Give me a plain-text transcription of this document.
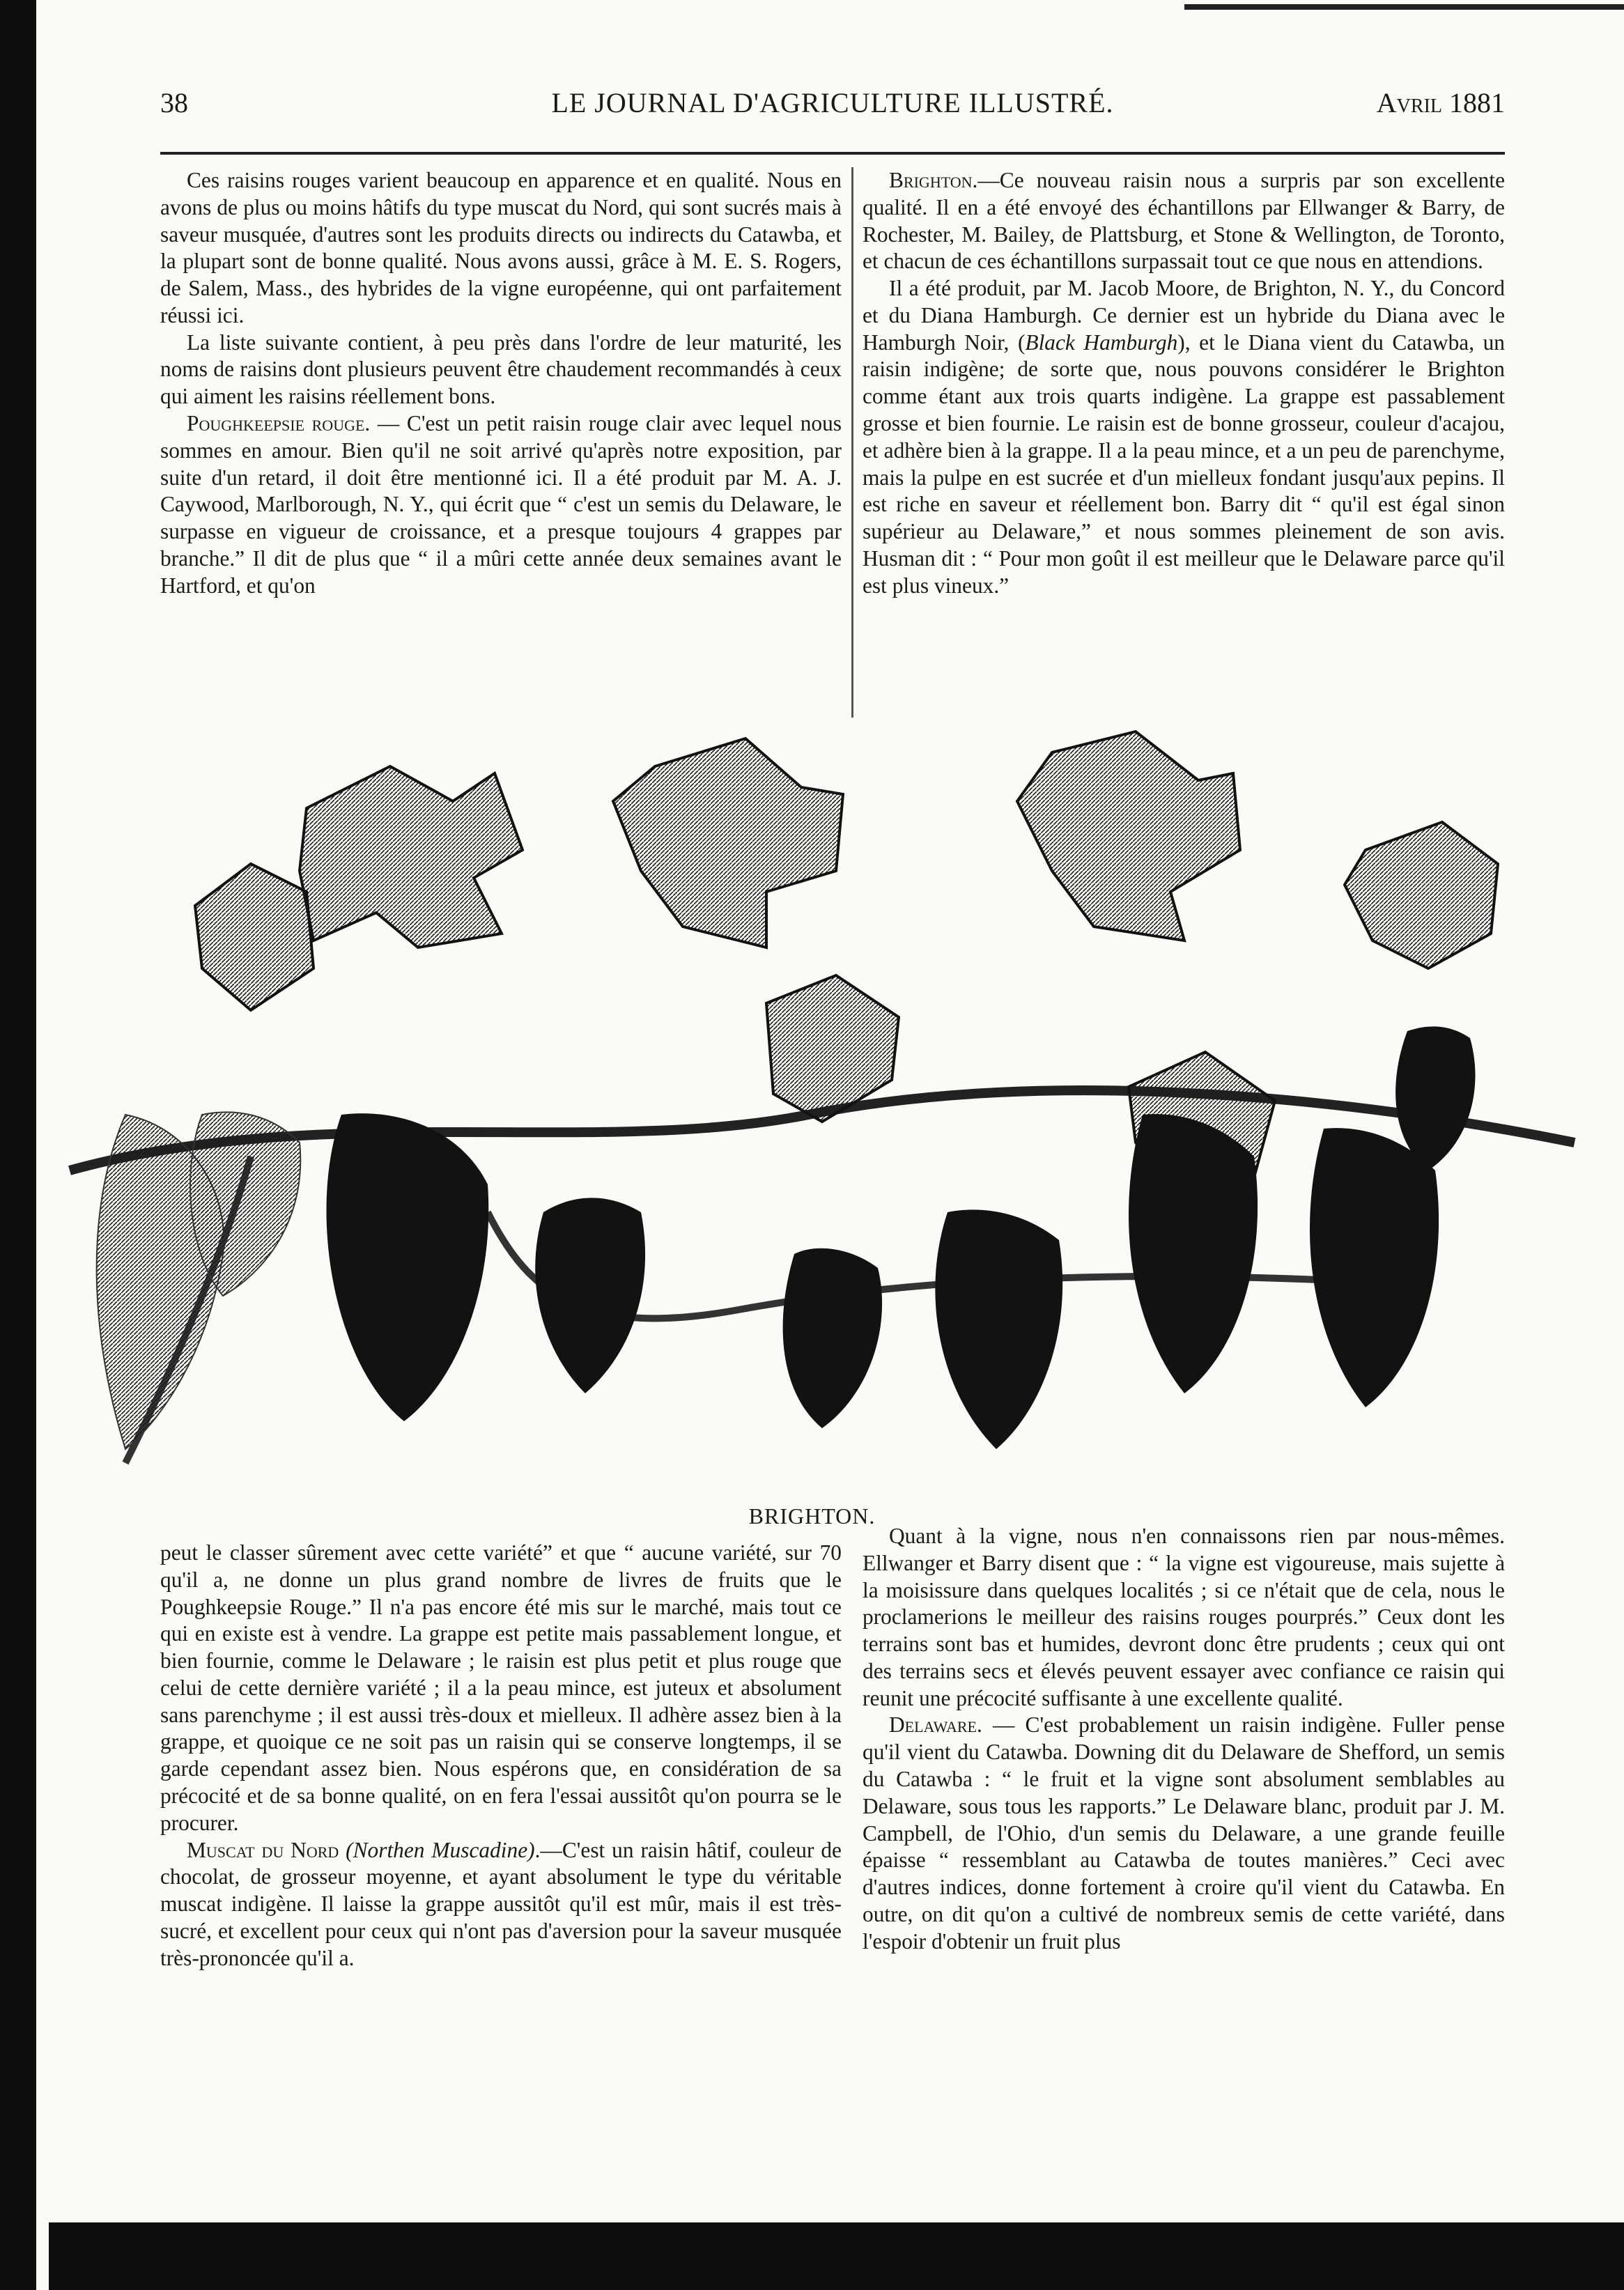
38	LE JOURNAL D'AGRICULTURE ILLUSTRÉ.	Avril 1881

Ces raisins rouges varient beaucoup en apparence et en qualité. Nous en avons de plus ou moins hâtifs du type muscat du Nord, qui sont sucrés mais à saveur musquée, d'autres sont les produits directs ou indirects du Catawba, et la plupart sont de bonne qualité. Nous avons aussi, grâce à M. E. S. Rogers, de Salem, Mass., des hybrides de la vigne européenne, qui ont parfaitement réussi ici.

La liste suivante contient, à peu près dans l'ordre de leur maturité, les noms de raisins dont plusieurs peuvent être chaudement recommandés à ceux qui aiment les raisins réellement bons.

Poughkeepsie rouge. — C'est un petit raisin rouge clair avec lequel nous sommes en amour. Bien qu'il ne soit arrivé qu'après notre exposition, par suite d'un retard, il doit être mentionné ici. Il a été produit par M. A. J. Caywood, Marlborough, N. Y., qui écrit que “ c'est un semis du Delaware, le surpasse en vigueur de croissance, et a presque toujours 4 grappes par branche.” Il dit de plus que “ il a mûri cette année deux semaines avant le Hartford, et qu'on

Brighton.—Ce nouveau raisin nous a surpris par son excellente qualité. Il en a été envoyé des échantillons par Ellwanger & Barry, de Rochester, M. Bailey, de Plattsburg, et Stone & Wellington, de Toronto, et chacun de ces échantillons surpassait tout ce que nous en attendions.

Il a été produit, par M. Jacob Moore, de Brighton, N. Y., du Concord et du Diana Hamburgh. Ce dernier est un hybride du Diana avec le Hamburgh Noir, (Black Hamburgh), et le Diana vient du Catawba, un raisin indigène; de sorte que, nous pouvons considérer le Brighton comme étant aux trois quarts indigène. La grappe est passablement grosse et bien fournie. Le raisin est de bonne grosseur, couleur d'acajou, et adhère bien à la grappe. Il a la peau mince, et a un peu de parenchyme, mais la pulpe en est sucrée et d'un mielleux fondant jusqu'aux pepins. Il est riche en saveur et réellement bon. Barry dit “ qu'il est égal sinon supérieur au Delaware,” et nous sommes pleinement de son avis. Husman dit : “ Pour mon goût il est meilleur que le Delaware parce qu'il est plus vineux.”

BRIGHTON.

peut le classer sûrement avec cette variété” et que “ aucune variété, sur 70 qu'il a, ne donne un plus grand nombre de livres de fruits que le Poughkeepsie Rouge.” Il n'a pas encore été mis sur le marché, mais tout ce qui en existe est à vendre. La grappe est petite mais passablement longue, et bien fournie, comme le Delaware ; le raisin est plus petit et plus rouge que celui de cette dernière variété ; il a la peau mince, est juteux et absolument sans parenchyme ; il est aussi très-doux et mielleux. Il adhère assez bien à la grappe, et quoique ce ne soit pas un raisin qui se conserve longtemps, il se garde cependant assez bien. Nous espérons que, en considération de sa précocité et de sa bonne qualité, on en fera l'essai aussitôt qu'on pourra se le procurer.

Muscat du Nord (Northen Muscadine).—C'est un raisin hâtif, couleur de chocolat, de grosseur moyenne, et ayant absolument le type du véritable muscat indigène. Il laisse la grappe aussitôt qu'il est mûr, mais il est très-sucré, et excellent pour ceux qui n'ont pas d'aversion pour la saveur musquée très-prononcée qu'il a.

Quant à la vigne, nous n'en connaissons rien par nous-mêmes. Ellwanger et Barry disent que : “ la vigne est vigoureuse, mais sujette à la moisissure dans quelques localités ; si ce n'était que de cela, nous le proclamerions le meilleur des raisins rouges pourprés.” Ceux dont les terrains sont bas et humides, devront donc être prudents ; ceux qui ont des terrains secs et élevés peuvent essayer avec confiance ce raisin qui reunit une précocité suffisante à une excellente qualité.

Delaware. — C'est probablement un raisin indigène. Fuller pense qu'il vient du Catawba. Downing dit du Delaware de Shefford, un semis du Catawba : “ le fruit et la vigne sont absolument semblables au Delaware, sous tous les rapports.” Le Delaware blanc, produit par J. M. Campbell, de l'Ohio, d'un semis du Delaware, a une grande feuille épaisse “ ressemblant au Catawba de toutes manières.” Ceci avec d'autres indices, donne fortement à croire qu'il vient du Catawba. En outre, on dit qu'on a cultivé de nombreux semis de cette variété, dans l'espoir d'obtenir un fruit plus
